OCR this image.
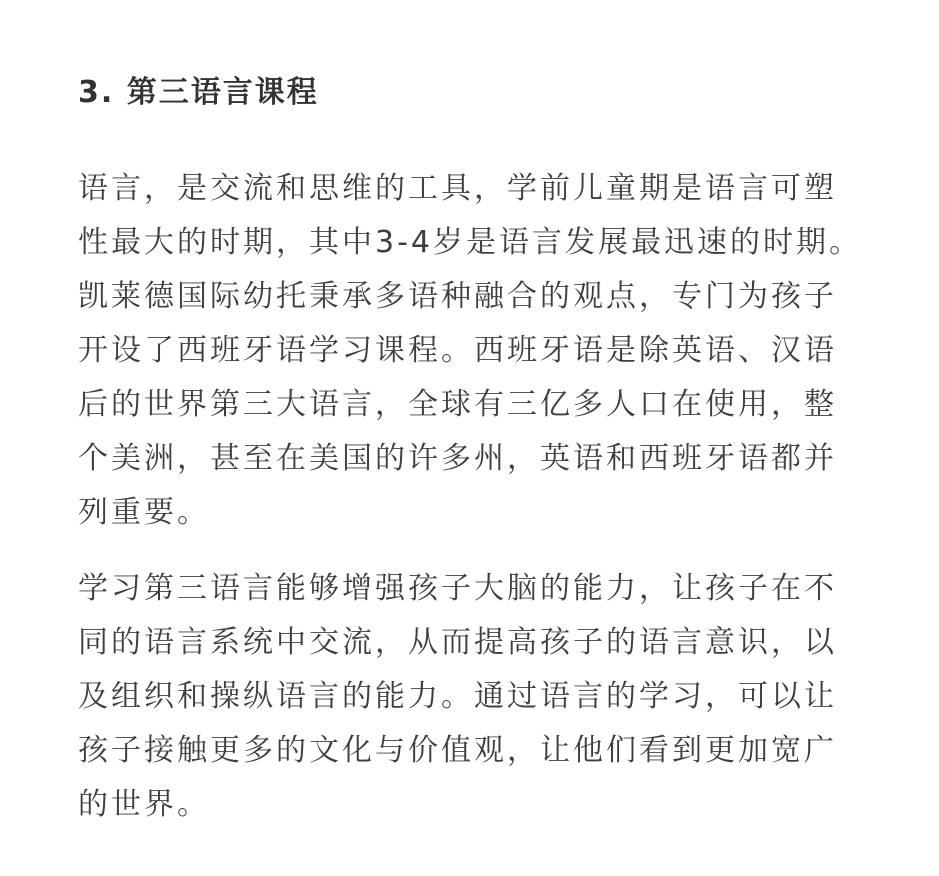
3. 第三语言课程

语言，是交流和思维的工具，学前儿童期是语言可塑
性最大的时期，其中3-4岁是语言发展最迅速的时期。
凯莱德国际幼托秉承多语种融合的观点，专门为孩子
开设了西班牙语学习课程。西班牙语是除英语、汉语
后的世界第三大语言，全球有三亿多人口在使用，整
个美洲，甚至在美国的许多州，英语和西班牙语都并
列重要。

学习第三语言能够增强孩子大脑的能力，让孩子在不
同的语言系统中交流，从而提高孩子的语言意识，以
及组织和操纵语言的能力。通过语言的学习，可以让
孩子接触更多的文化与价值观，让他们看到更加宽广
的世界。
